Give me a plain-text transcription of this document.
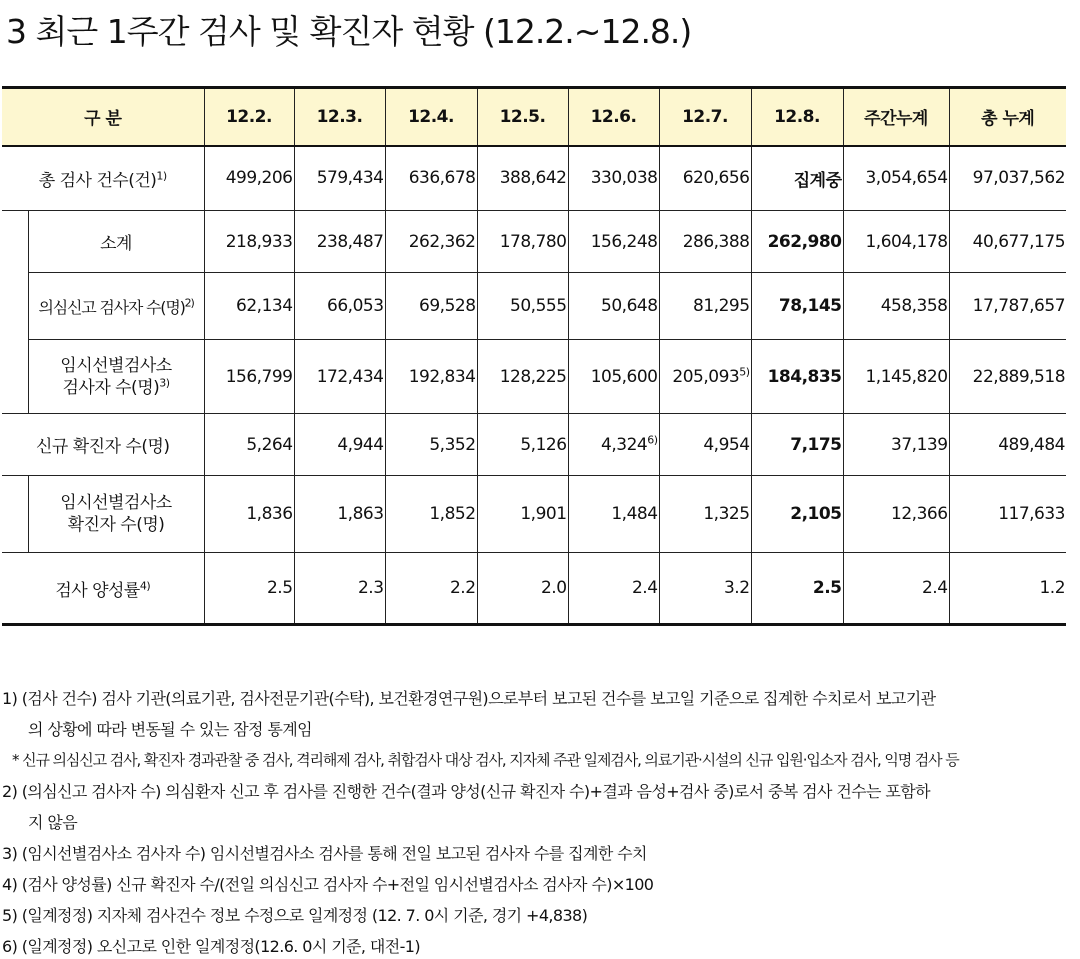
3 최근 1주간 검사 및 확진자 현황 (12.2.~12.8.)
구 분		12.2.	12.3.	12.4.	12.5.	12.6.	12.7.	12.8.	주간누계	총 누계
총 검사 건수(건)$^{1)}$		499,206	579,434	636,678	388,642	330,038	620,656	집계중	3,054,654	97,037,562
	소계	218,933	238,487	262,362	178,780	156,248	286,388	262,980	1,604,178	40,677,175
	의심신고 검사자 수(명)$^{2)}$	62,134	66,053	69,528	50,555	50,648	81,295	78,145	458,358	17,787,657
	임시선별검사소
검사자 수(명)$^{3)}$	156,799	172,434	192,834	128,225	105,600	205,093$^{5)}$	184,835	1,145,820	22,889,518
신규 확진자 수(명)		5,264	4,944	5,352	5,126	4,324$^{6)}$	4,954	7,175	37,139	489,484
	임시선별검사소
확진자 수(명)	1,836	1,863	1,852	1,901	1,484	1,325	2,105	12,366	117,633
검사 양성률$^{4)}$		2.5	2.3	2.2	2.0	2.4	3.2	2.5	2.4	1.2
1) (검사 건수) 검사 기관(의료기관, 검사전문기관(수탁), 보건환경연구원)으로부터 보고된 건수를 보고일 기준으로 집계한 수치로서 보고기관
의 상황에 따라 변동될 수 있는 잠정 통계임
* 신규 의심신고 검사, 확진자 경과관찰 중 검사, 격리해제 검사, 취합검사 대상 검사, 지자체 주관 일제검사, 의료기관·시설의 신규 입원·입소자 검사, 익명 검사 등
2) (의심신고 검사자 수) 의심환자 신고 후 검사를 진행한 건수(결과 양성(신규 확진자 수)+결과 음성+검사 중)로서 중복 검사 건수는 포함하
지 않음
3) (임시선별검사소 검사자 수) 임시선별검사소 검사를 통해 전일 보고된 검사자 수를 집계한 수치
4) (검사 양성률) 신규 확진자 수/(전일 의심신고 검사자 수+전일 임시선별검사소 검사자 수)×100
5) (일계정정) 지자체 검사건수 정보 수정으로 일계정정 (12. 7. 0시 기준, 경기 +4,838)
6) (일계정정) 오신고로 인한 일계정정(12.6. 0시 기준, 대전-1)
